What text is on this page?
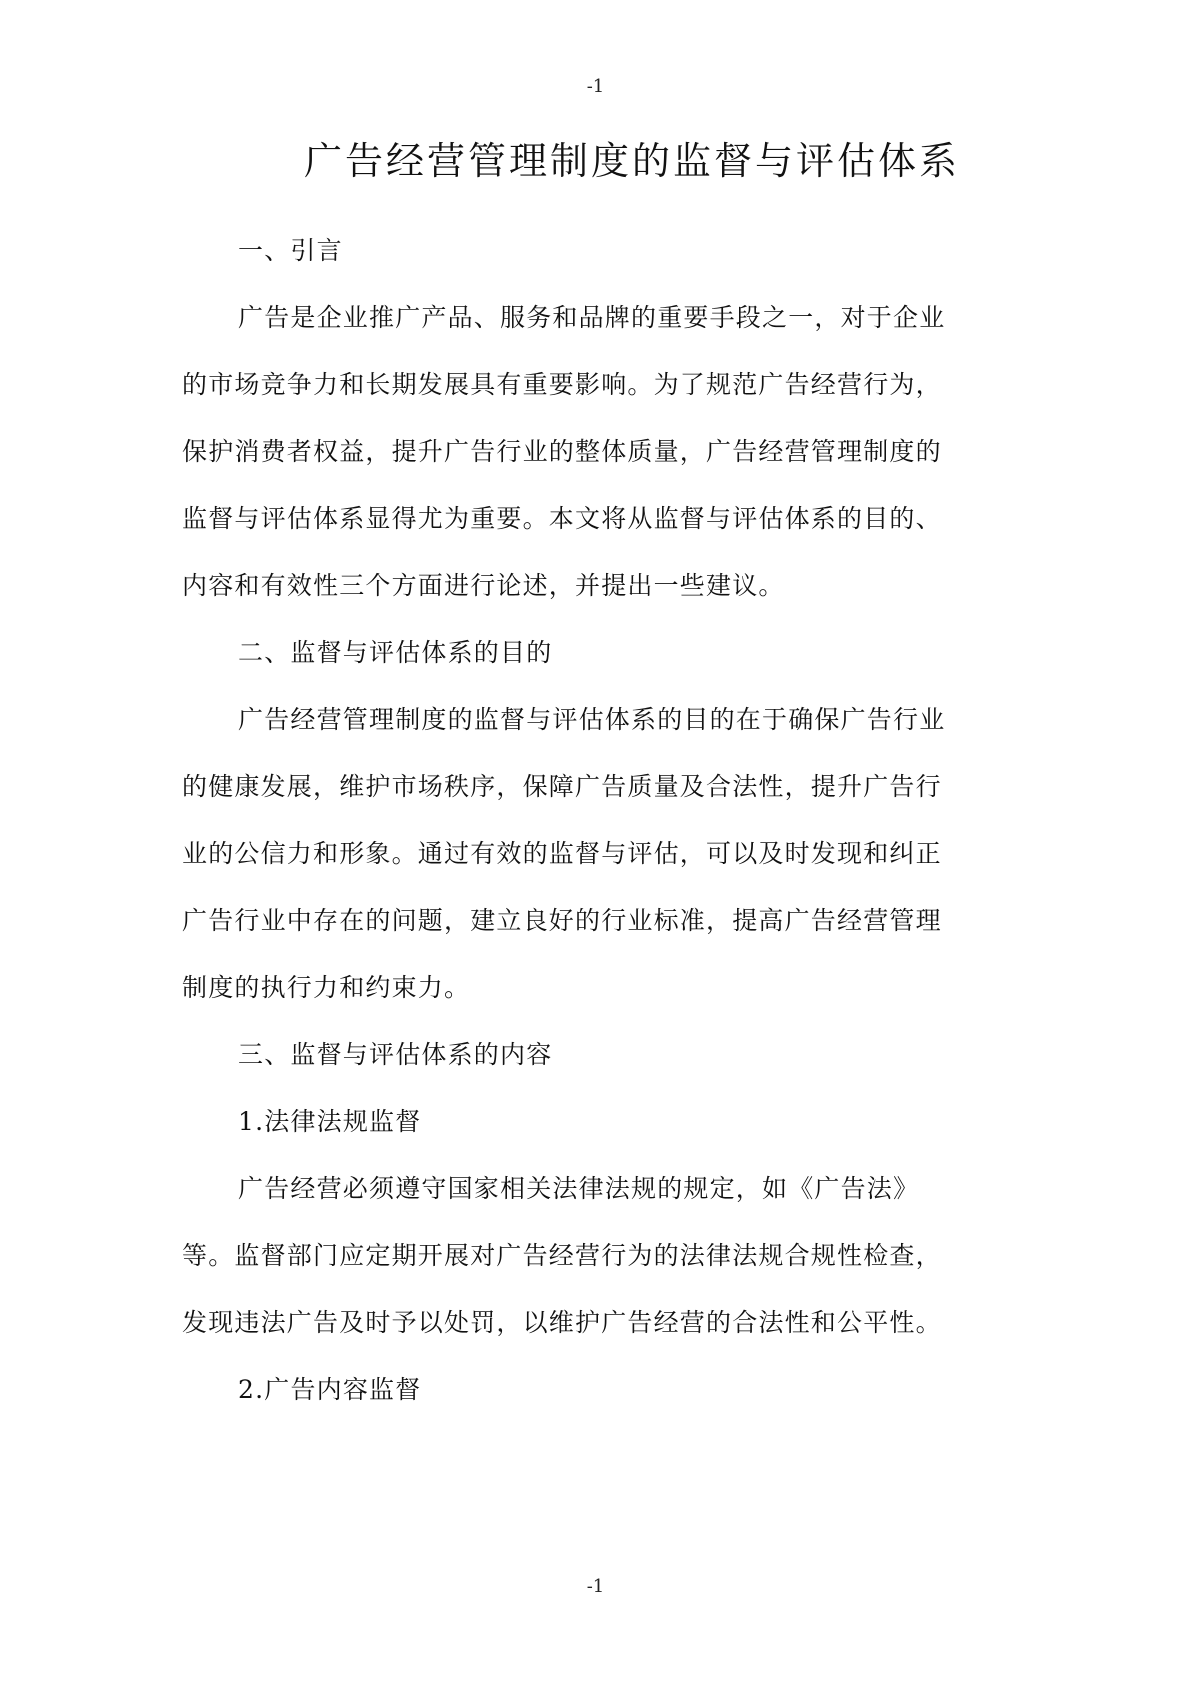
-1

广告经营管理制度的监督与评估体系

一、引言

广告是企业推广产品、服务和品牌的重要手段之一，对于企业

的市场竞争力和长期发展具有重要影响。为了规范广告经营行为，

保护消费者权益，提升广告行业的整体质量，广告经营管理制度的

监督与评估体系显得尤为重要。本文将从监督与评估体系的目的、

内容和有效性三个方面进行论述，并提出一些建议。

二、监督与评估体系的目的

广告经营管理制度的监督与评估体系的目的在于确保广告行业

的健康发展，维护市场秩序，保障广告质量及合法性，提升广告行

业的公信力和形象。通过有效的监督与评估，可以及时发现和纠正

广告行业中存在的问题，建立良好的行业标准，提高广告经营管理

制度的执行力和约束力。

三、监督与评估体系的内容

1.法律法规监督

广告经营必须遵守国家相关法律法规的规定，如《广告法》

等。监督部门应定期开展对广告经营行为的法律法规合规性检查，

发现违法广告及时予以处罚，以维护广告经营的合法性和公平性。

2.广告内容监督

-1
